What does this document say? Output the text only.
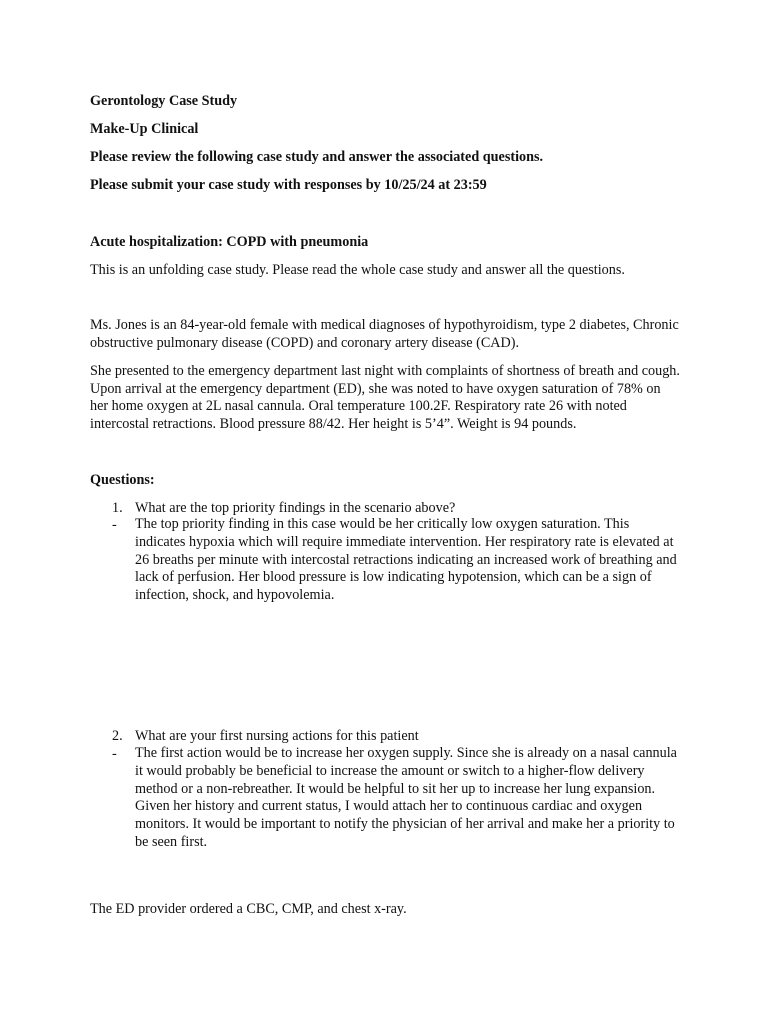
Gerontology Case Study
Make-Up Clinical
Please review the following case study and answer the associated questions.
Please submit your case study with responses by 10/25/24 at 23:59
Acute hospitalization: COPD with pneumonia
This is an unfolding case study. Please read the whole case study and answer all the questions.
Ms. Jones is an 84-year-old female with medical diagnoses of hypothyroidism, type 2 diabetes, Chronic obstructive pulmonary disease (COPD) and coronary artery disease (CAD).
She presented to the emergency department last night with complaints of shortness of breath and cough. Upon arrival at the emergency department (ED), she was noted to have oxygen saturation of 78% on her home oxygen at 2L nasal cannula. Oral temperature 100.2F. Respiratory rate 26 with noted intercostal retractions. Blood pressure 88/42. Her height is 5’4”. Weight is 94 pounds.
Questions:
1. What are the top priority findings in the scenario above?
- The top priority finding in this case would be her critically low oxygen saturation. This indicates hypoxia which will require immediate intervention. Her respiratory rate is elevated at 26 breaths per minute with intercostal retractions indicating an increased work of breathing and lack of perfusion. Her blood pressure is low indicating hypotension, which can be a sign of infection, shock, and hypovolemia.
2. What are your first nursing actions for this patient
- The first action would be to increase her oxygen supply. Since she is already on a nasal cannula it would probably be beneficial to increase the amount or switch to a higher-flow delivery method or a non-rebreather. It would be helpful to sit her up to increase her lung expansion. Given her history and current status, I would attach her to continuous cardiac and oxygen monitors. It would be important to notify the physician of her arrival and make her a priority to be seen first.
The ED provider ordered a CBC, CMP, and chest x-ray.
